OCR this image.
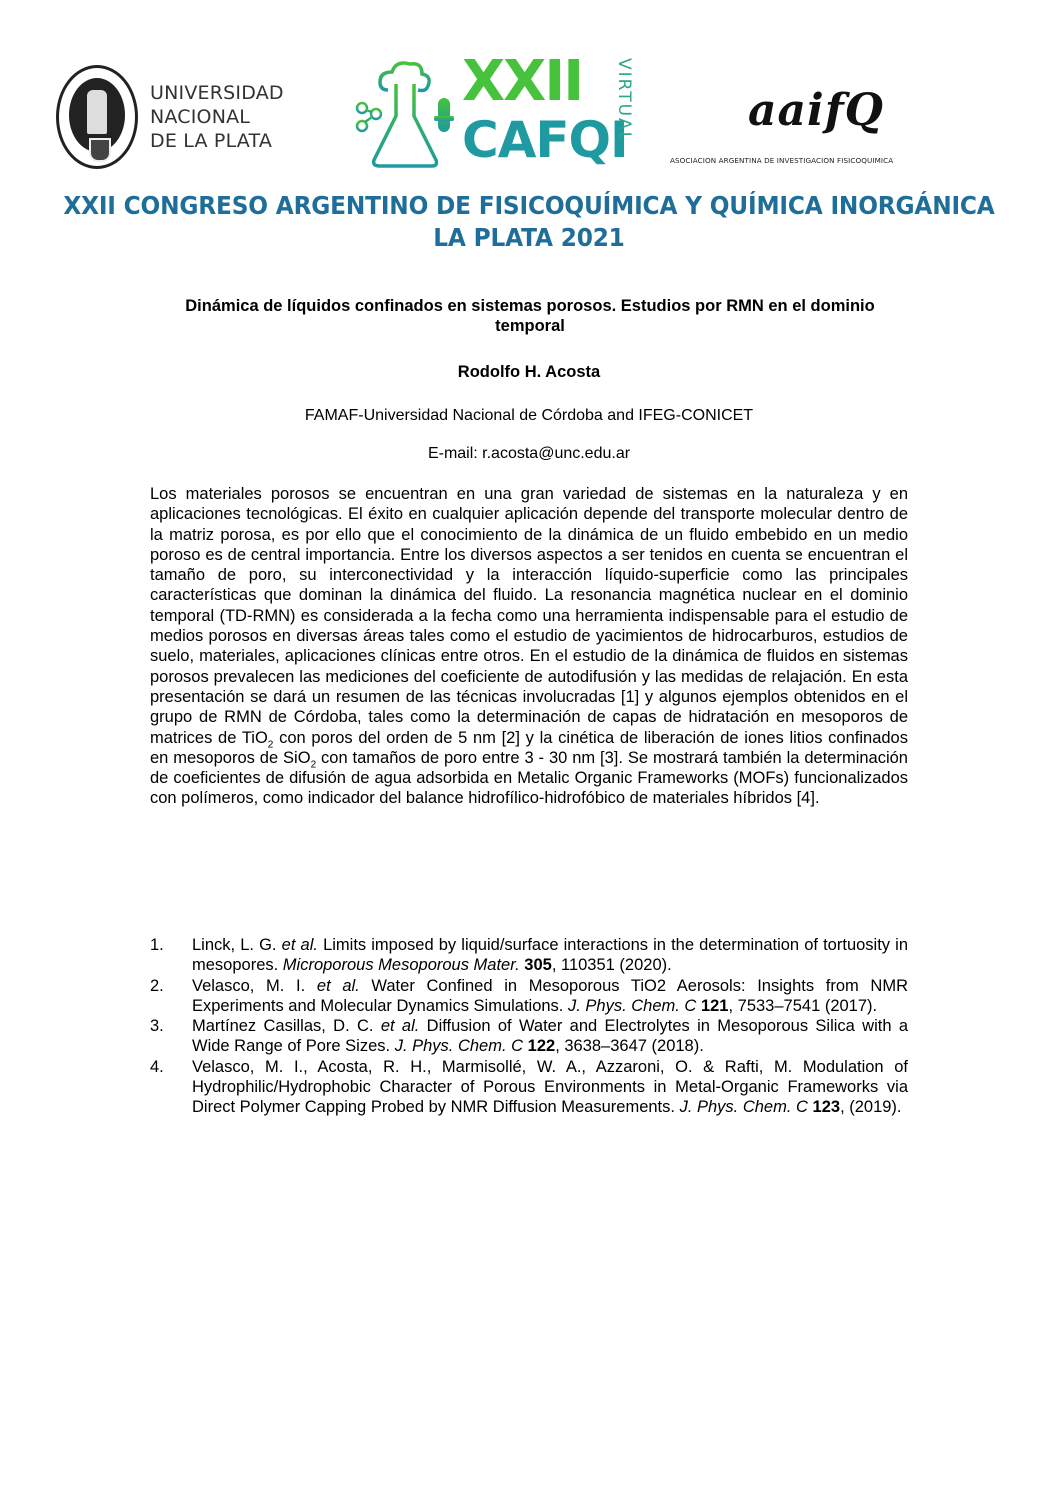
UNIVERSIDAD
NACIONAL
DE LA PLATA
XXII
CAFQI
VIRTUAL	aaifQ
ASOCIACION ARGENTINA DE INVESTIGACION FISICOQUIMICA
XXII CONGRESO ARGENTINO DE FISICOQUÍMICA Y QUÍMICA INORGÁNICA
LA PLATA 2021
Dinámica de líquidos confinados en sistemas porosos. Estudios por RMN en el dominio temporal
Rodolfo H. Acosta
FAMAF-Universidad Nacional de Córdoba and IFEG-CONICET
E-mail: r.acosta@unc.edu.ar

Los materiales porosos se encuentran en una gran variedad de sistemas en la naturaleza y en aplicaciones tecnológicas. El éxito en cualquier aplicación depende del transporte molecular dentro de la matriz porosa, es por ello que el conocimiento de la dinámica de un fluido embebido en un medio poroso es de central importancia. Entre los diversos aspectos a ser tenidos en cuenta se encuentran el tamaño de poro, su interconectividad y la interacción líquido-superficie como las principales características que dominan la dinámica del fluido. La resonancia magnética nuclear en el dominio temporal (TD-RMN) es considerada a la fecha como una herramienta indispensable para el estudio de medios porosos en diversas áreas tales como el estudio de yacimientos de hidrocarburos, estudios de suelo, materiales, aplicaciones clínicas entre otros. En el estudio de la dinámica de fluidos en sistemas porosos prevalecen las mediciones del coeficiente de autodifusión y las medidas de relajación. En esta presentación se dará un resumen de las técnicas involucradas [1] y algunos ejemplos obtenidos en el grupo de RMN de Córdoba, tales como la determinación de capas de hidratación en mesoporos de matrices de TiO$_2$ con poros del orden de 5 nm [2] y la cinética de liberación de iones litios confinados en mesoporos de SiO$_2$ con tamaños de poro entre 3 - 30 nm [3]. Se mostrará también la determinación de coeficientes de difusión de agua adsorbida en Metalic Organic Frameworks (MOFs) funcionalizados con polímeros, como indicador del balance hidrofílico-hidrofóbico de materiales híbridos [4].

1.	Linck, L. G. et al. Limits imposed by liquid/surface interactions in the determination of tortuosity in mesopores. Microporous Mesoporous Mater. 305, 110351 (2020).
2.	Velasco, M. I. et al. Water Confined in Mesoporous TiO2 Aerosols: Insights from NMR Experiments and Molecular Dynamics Simulations. J. Phys. Chem. C 121, 7533–7541 (2017).
3.	Martínez Casillas, D. C. et al. Diffusion of Water and Electrolytes in Mesoporous Silica with a Wide Range of Pore Sizes. J. Phys. Chem. C 122, 3638–3647 (2018).
4.	Velasco, M. I., Acosta, R. H., Marmisollé, W. A., Azzaroni, O. & Rafti, M. Modulation of Hydrophilic/Hydrophobic Character of Porous Environments in Metal-Organic Frameworks via Direct Polymer Capping Probed by NMR Diffusion Measurements. J. Phys. Chem. C 123, (2019).
